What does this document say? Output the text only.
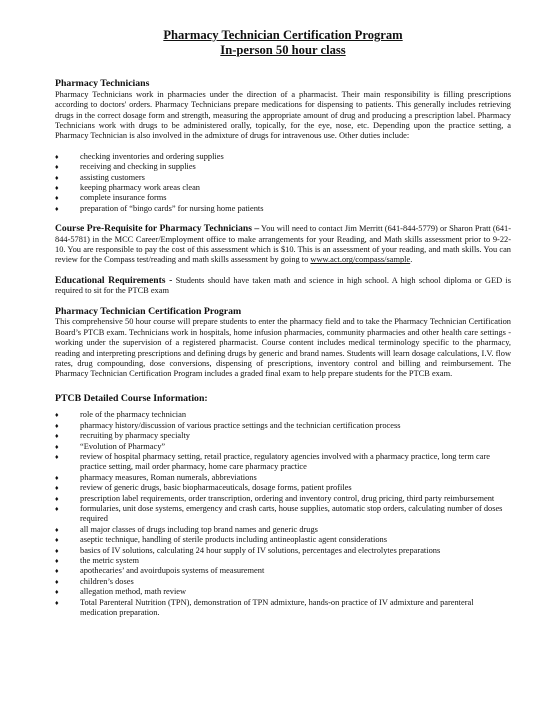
Pharmacy Technician Certification Program
In-person 50 hour class
Pharmacy Technicians

Pharmacy Technicians work in pharmacies under the direction of a pharmacist. Their main responsibility is filling prescriptions according to doctors' orders. Pharmacy Technicians prepare medications for dispensing to patients. This generally includes retrieving drugs in the correct dosage form and strength, measuring the appropriate amount of drug and producing a prescription label. Pharmacy Technicians work with drugs to be administered orally, topically, for the eye, nose, etc. Depending upon the practice setting, a Pharmacy Technician is also involved in the admixture of drugs for intravenous use. Other duties include:

♦	checking inventories and ordering supplies
♦	receiving and checking in supplies
♦	assisting customers
♦	keeping pharmacy work areas clean
♦	complete insurance forms
♦	preparation of “bingo cards” for nursing home patients

Course Pre-Requisite for Pharmacy Technicians – You will need to contact Jim Merritt (641-844-5779) or Sharon Pratt (641-844-5781) in the MCC Career/Employment office to make arrangements for your Reading, and Math skills assessment prior to 9-22-10. You are responsible to pay the cost of this assessment which is $10. This is an assessment of your reading, and math skills. You can review for the Compass test/reading and math skills assessment by going to www.act.org/compass/sample.

Educational Requirements - Students should have taken math and science in high school. A high school diploma or GED is required to sit for the PTCB exam

Pharmacy Technician Certification Program

This comprehensive 50 hour course will prepare students to enter the pharmacy field and to take the Pharmacy Technician Certification Board’s PTCB exam. Technicians work in hospitals, home infusion pharmacies, community pharmacies and other health care settings - working under the supervision of a registered pharmacist. Course content includes medical terminology specific to the pharmacy, reading and interpreting prescriptions and defining drugs by generic and brand names. Students will learn dosage calculations, I.V. flow rates, drug compounding, dose conversions, dispensing of prescriptions, inventory control and billing and reimbursement. The Pharmacy Technician Certification Program includes a graded final exam to help prepare students for the PTCB exam.

PTCB Detailed Course Information:
♦	role of the pharmacy technician
♦	pharmacy history/discussion of various practice settings and the technician certification process
♦	recruiting by pharmacy specialty
♦	“Evolution of Pharmacy”
♦	review of hospital pharmacy setting, retail practice, regulatory agencies involved with a pharmacy practice, long term care practice setting, mail order pharmacy, home care pharmacy practice
♦	pharmacy measures, Roman numerals, abbreviations
♦	review of generic drugs, basic biopharmaceuticals, dosage forms, patient profiles
♦	prescription label requirements, order transcription, ordering and inventory control, drug pricing, third party reimbursement
♦	formularies, unit dose systems, emergency and crash carts, house supplies, automatic stop orders, calculating number of doses required
♦	all major classes of drugs including top brand names and generic drugs
♦	aseptic technique, handling of sterile products including antineoplastic agent considerations
♦	basics of IV solutions, calculating 24 hour supply of IV solutions, percentages and electrolytes preparations
♦	the metric system
♦	apothecaries’ and avoirdupois systems of measurement
♦	children’s doses
♦	allegation method, math review
♦	Total Parenteral Nutrition (TPN), demonstration of TPN admixture, hands-on practice of IV admixture and parenteral medication preparation.
